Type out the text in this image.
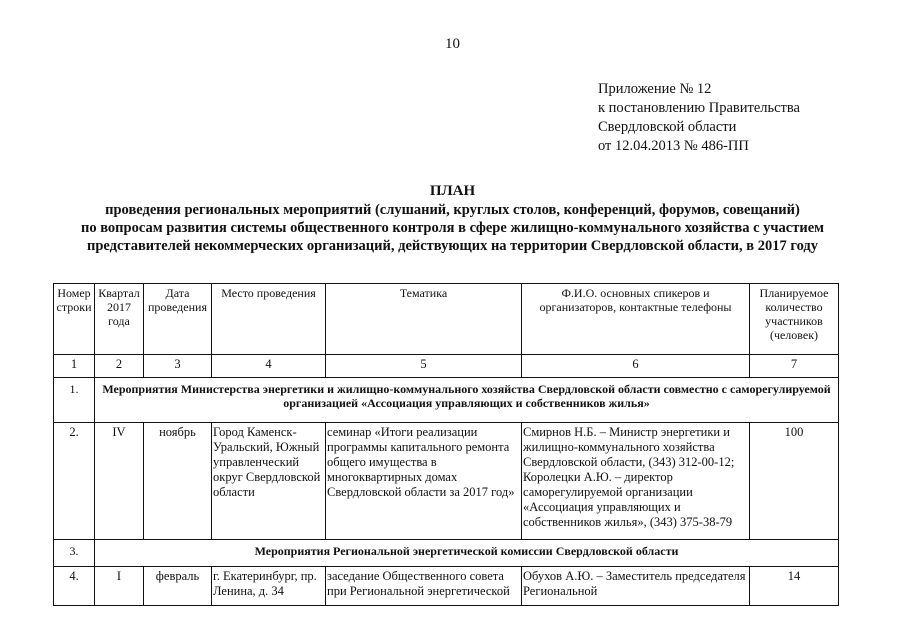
10
Приложение № 12
к постановлению Правительства
Свердловской области
от 12.04.2013 № 486-ПП
ПЛАН
проведения региональных мероприятий (слушаний, круглых столов, конференций, форумов, совещаний)
по вопросам развития системы общественного контроля в сфере жилищно-коммунального хозяйства с участием
представителей некоммерческих организаций, действующих на территории Свердловской области, в 2017 году
Номер строки	Квартал 2017 года	Дата проведения	Место проведения	Тематика	Ф.И.О. основных спикеров и организаторов, контактные телефоны	Планируемое количество участников (человек)
1	2	3	4	5	6	7
1.	Мероприятия Министерства энергетики и жилищно-коммунального хозяйства Свердловской области совместно с саморегулируемой организацией «Ассоциация управляющих и собственников жилья»					
2.	IV	ноябрь	Город Каменск-Уральский, Южный управленческий округ Свердловской области	семинар «Итоги реализации программы капитального ремонта общего имущества в многоквартирных домах Свердловской области за 2017 год»	Смирнов Н.Б. – Министр энергетики и жилищно-коммунального хозяйства Свердловской области, (343) 312-00-12; Королецки А.Ю. – директор саморегулируемой организации «Ассоциация управляющих и собственников жилья», (343) 375-38-79	100
3.	Мероприятия Региональной энергетической комиссии Свердловской области					
4.	I	февраль	г. Екатеринбург, пр. Ленина, д. 34	заседание Общественного совета при Региональной энергетической	Обухов А.Ю. – Заместитель председателя Региональной	14
